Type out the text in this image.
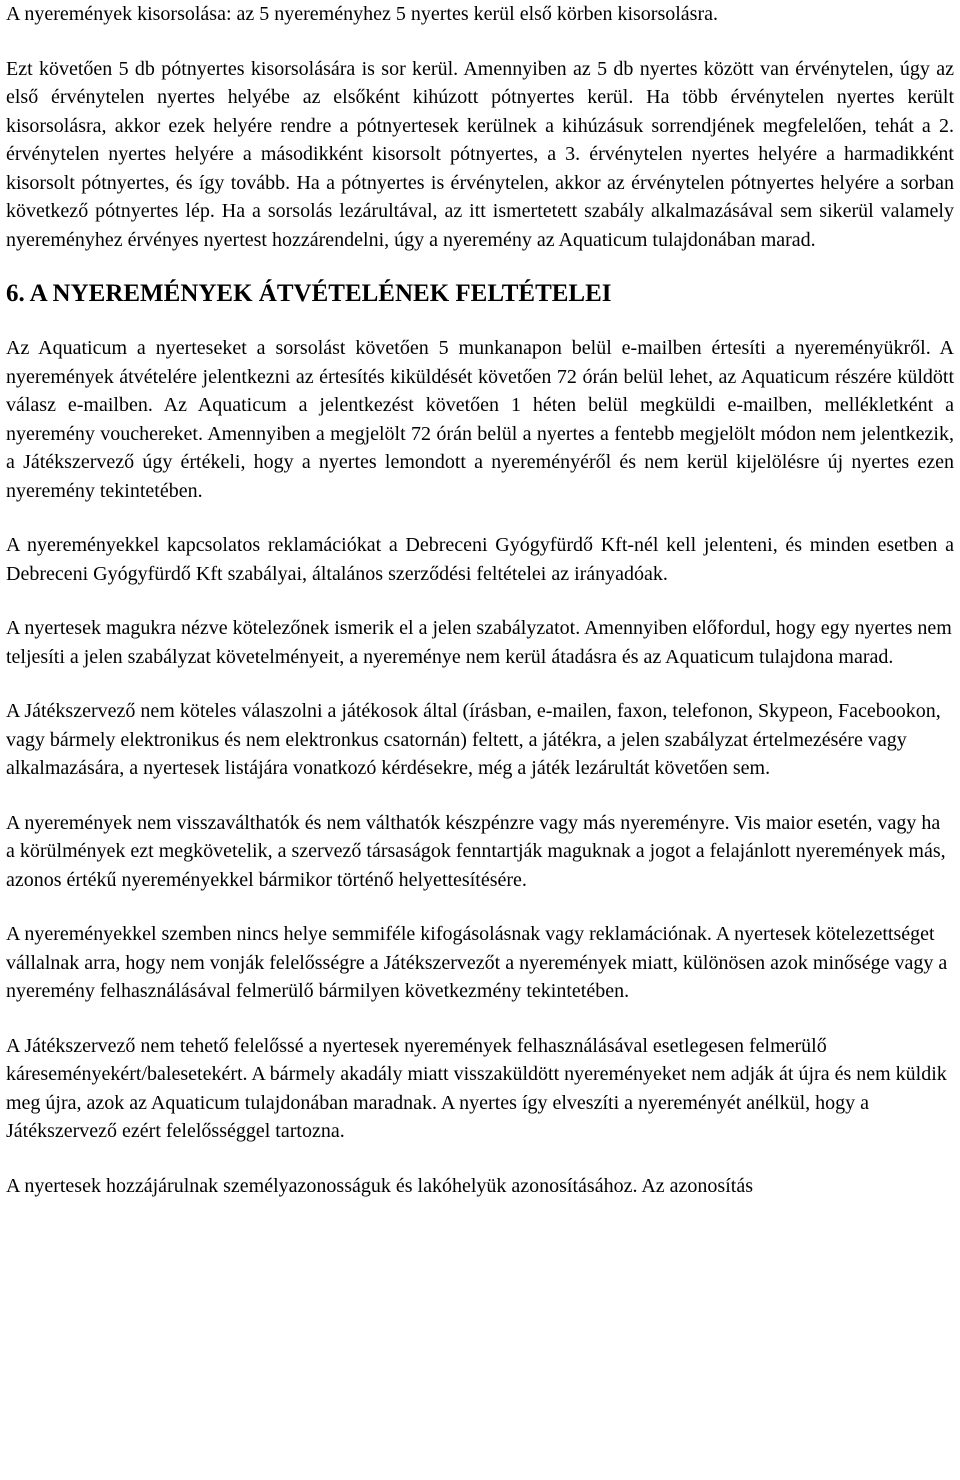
A nyeremények kisorsolása: az 5 nyereményhez 5 nyertes kerül első körben kisorsolásra.

Ezt követően 5 db pótnyertes kisorsolására is sor kerül. Amennyiben az 5 db nyertes között van érvénytelen, úgy az első érvénytelen nyertes helyébe az elsőként kihúzott pótnyertes kerül. Ha több érvénytelen nyertes került kisorsolásra, akkor ezek helyére rendre a pótnyertesek kerülnek a kihúzásuk sorrendjének megfelelően, tehát a 2. érvénytelen nyertes helyére a másodikként kisorsolt pótnyertes, a 3. érvénytelen nyertes helyére a harmadikként kisorsolt pótnyertes, és így tovább. Ha a pótnyertes is érvénytelen, akkor az érvénytelen pótnyertes helyére a sorban következő pótnyertes lép. Ha a sorsolás lezárultával, az itt ismertetett szabály alkalmazásával sem sikerül valamely nyereményhez érvényes nyertest hozzárendelni, úgy a nyeremény az Aquaticum tulajdonában marad.

6. A NYEREMÉNYEK ÁTVÉTELÉNEK FELTÉTELEI

Az Aquaticum a nyerteseket a sorsolást követően 5 munkanapon belül e-mailben értesíti a nyereményükről. A nyeremények átvételére jelentkezni az értesítés kiküldését követően 72 órán belül lehet, az Aquaticum részére küldött válasz e-mailben. Az Aquaticum a jelentkezést követően 1 héten belül megküldi e-mailben, mellékletként a nyeremény vouchereket. Amennyiben a megjelölt 72 órán belül a nyertes a fentebb megjelölt módon nem jelentkezik, a Játékszervező úgy értékeli, hogy a nyertes lemondott a nyereményéről és nem kerül kijelölésre új nyertes ezen nyeremény tekintetében.

A nyereményekkel kapcsolatos reklamációkat a Debreceni Gyógyfürdő Kft-nél kell jelenteni, és minden esetben a Debreceni Gyógyfürdő Kft szabályai, általános szerződési feltételei az irányadóak.

A nyertesek magukra nézve kötelezőnek ismerik el a jelen szabályzatot. Amennyiben előfordul, hogy egy nyertes nem teljesíti a jelen szabályzat követelményeit, a nyereménye nem kerül átadásra és az Aquaticum tulajdona marad.

A Játékszervező nem köteles válaszolni a játékosok által (írásban, e-mailen, faxon, telefonon, Skypeon, Facebookon, vagy bármely elektronikus és nem elektronkus csatornán) feltett, a játékra, a jelen szabályzat értelmezésére vagy alkalmazására, a nyertesek listájára vonatkozó kérdésekre, még a játék lezárultát követően sem.

A nyeremények nem visszaválthatók és nem válthatók készpénzre vagy más nyereményre. Vis maior esetén, vagy ha a körülmények ezt megkövetelik, a szervező társaságok fenntartják maguknak a jogot a felajánlott nyeremények más, azonos értékű nyereményekkel bármikor történő helyettesítésére.

A nyereményekkel szemben nincs helye semmiféle kifogásolásnak vagy reklamációnak. A nyertesek kötelezettséget vállalnak arra, hogy nem vonják felelősségre a Játékszervezőt a nyeremények miatt, különösen azok minősége vagy a nyeremény felhasználásával felmerülő bármilyen következmény tekintetében.

A Játékszervező nem tehető felelőssé a nyertesek nyeremények felhasználásával esetlegesen felmerülő káreseményekért/balesetekért. A bármely akadály miatt visszaküldött nyereményeket nem adják át újra és nem küldik meg újra, azok az Aquaticum tulajdonában maradnak. A nyertes így elveszíti a nyereményét anélkül, hogy a Játékszervező ezért felelősséggel tartozna.

A nyertesek hozzájárulnak személyazonosságuk és lakóhelyük azonosításához. Az azonosítás
